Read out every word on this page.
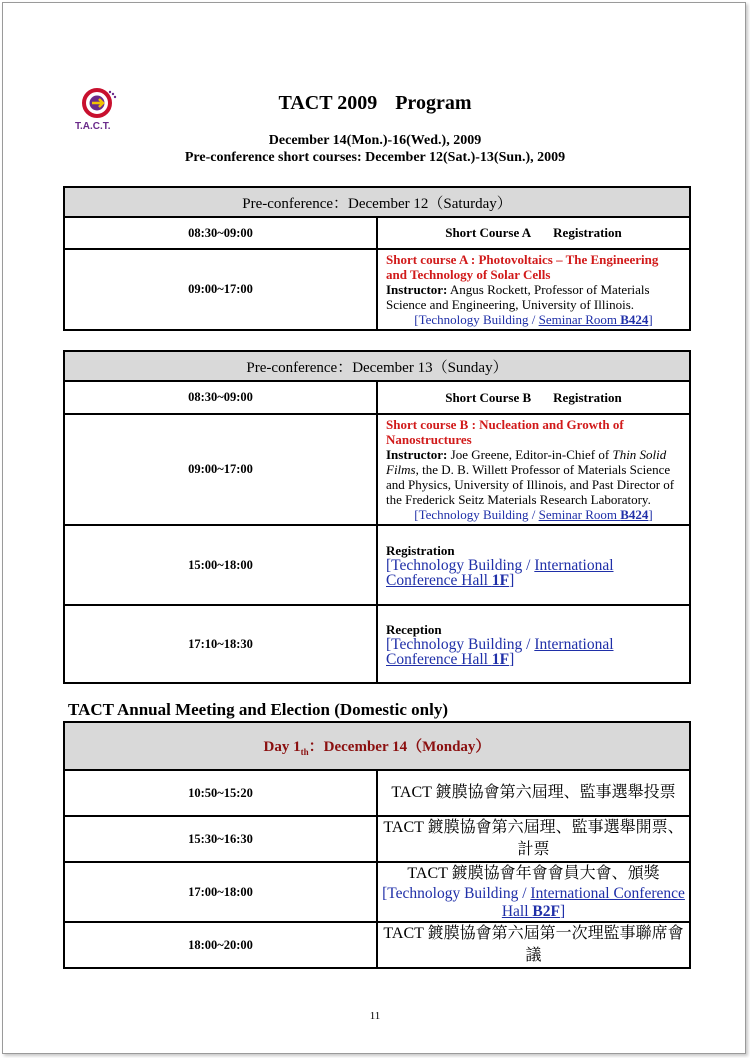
T.A.C.T.
TACT 2009 Program
December 14(Mon.)-16(Wed.), 2009
Pre-conference short courses: December 12(Sat.)-13(Sun.), 2009
Pre-conference：December 12（Saturday）	
08:30~09:00	Short Course A Registration
09:00~17:00	Short course A : Photovoltaics – The Engineering and Technology of Solar Cells
Instructor: Angus Rockett, Professor of Materials Science and Engineering, University of Illinois.
[Technology Building / Seminar Room B424]
Pre-conference：December 13（Sunday）	
08:30~09:00	Short Course B Registration
09:00~17:00	Short course B : Nucleation and Growth of Nanostructures
Instructor: Joe Greene, Editor-in-Chief of Thin Solid Films, the D. B. Willett Professor of Materials Science and Physics, University of Illinois, and Past Director of the Frederick Seitz Materials Research Laboratory.
[Technology Building / Seminar Room B424]

15:00~18:00	Registration
[Technology Building / International Conference Hall 1F]

17:10~18:30	Reception
[Technology Building / International Conference Hall 1F]
TACT Annual Meeting and Election (Domestic only)
Day $1_{th}$：December 14（Monday）	
10:50~15:20	TACT 鍍膜協會第六屆理、監事選舉投票
15:30~16:30	TACT 鍍膜協會第六屆理、監事選舉開票、計票
17:00~18:00	TACT 鍍膜協會年會會員大會、頒獎
[Technology Building / International Conference Hall B2F]

18:00~20:00	TACT 鍍膜協會第六屆第一次理監事聯席會議
11
